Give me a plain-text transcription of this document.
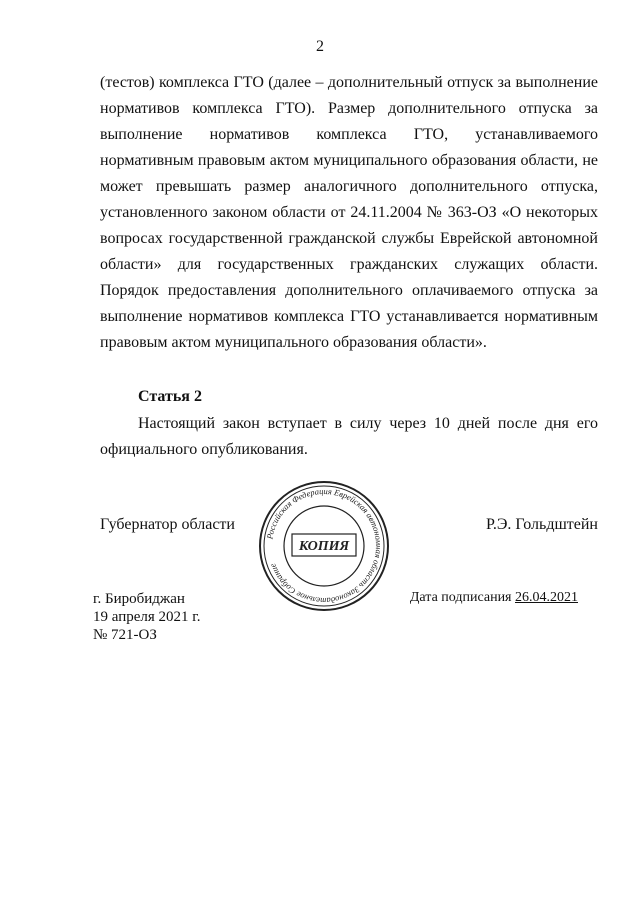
2

(тестов) комплекса ГТО (далее – дополнительный отпуск за выполнение нормативов комплекса ГТО). Размер дополнительного отпуска за выполнение нормативов комплекса ГТО, устанавливаемого нормативным правовым актом муниципального образования области, не может превышать размер аналогичного дополнительного отпуска, установленного законом области от 24.11.2004 № 363-ОЗ «О некоторых вопросах государственной гражданской службы Еврейской автономной области» для государственных гражданских служащих области. Порядок предоставления дополнительного оплачиваемого отпуска за выполнение нормативов комплекса ГТО устанавливается нормативным правовым актом муниципального образования области».

Статья 2

Настоящий закон вступает в силу через 10 дней после дня его официального опубликования.

Губернатор области	Р.Э. Гольдштейн
Российская Федерация Еврейская автономная область Законодательное Собрание
КОПИЯ
г. Биробиджан
19 апреля 2021 г.
№ 721-ОЗ
Дата подписания 26.04.2021
